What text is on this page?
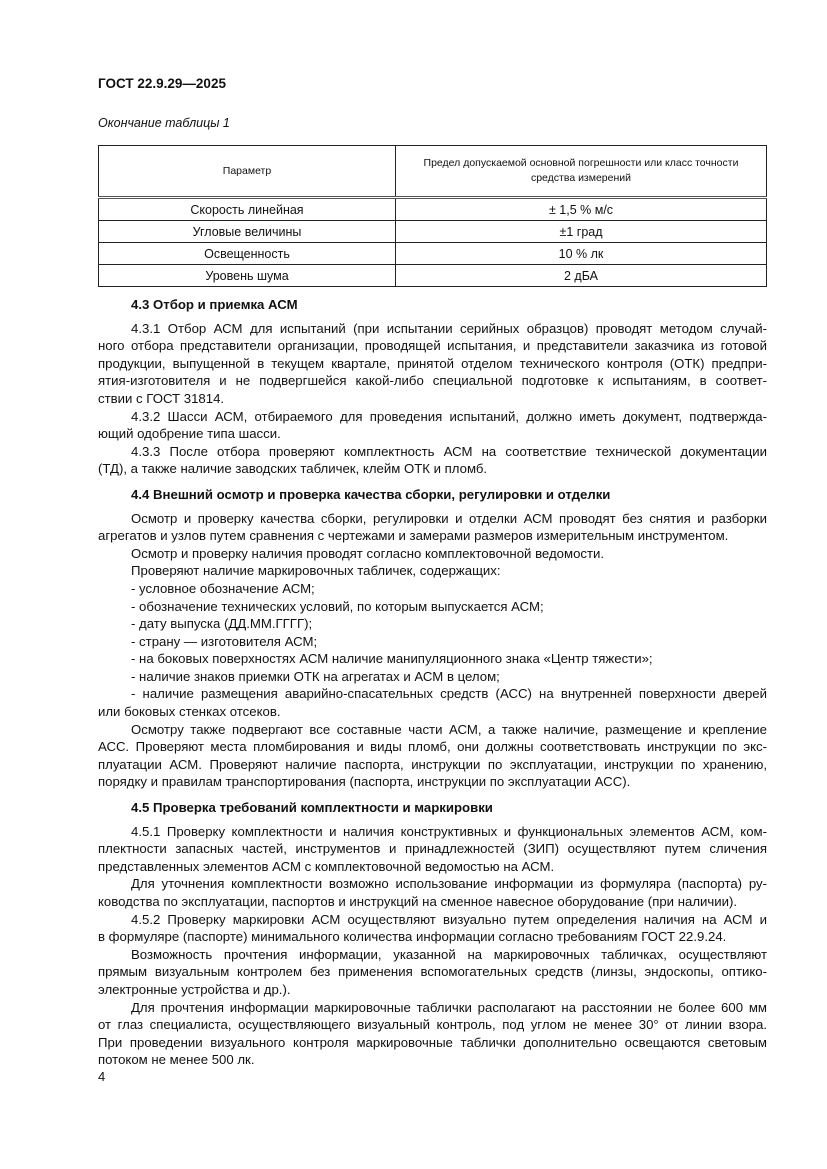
ГОСТ 22.9.29—2025
Окончание таблицы 1
Параметр	Предел допускаемой основной погрешности или класс точности средства измерений
Скорость линейная	± 1,5 % м/с
Угловые величины	±1 град
Освещенность	10 % лк
Уровень шума	2 дБА
4.3 Отбор и приемка АСМ
4.3.1 Отбор АСМ для испытаний (при испытании серийных образцов) проводят методом случай-
ного отбора представители организации, проводящей испытания, и представители заказчика из готовой
продукции, выпущенной в текущем квартале, принятой отделом технического контроля (ОТК) предпри-
ятия-изготовителя и не подвергшейся какой-либо специальной подготовке к испытаниям, в соответ-
ствии с ГОСТ 31814.
4.3.2 Шасси АСМ, отбираемого для проведения испытаний, должно иметь документ, подтвержда-
ющий одобрение типа шасси.
4.3.3 После отбора проверяют комплектность АСМ на соответствие технической документации
(ТД), а также наличие заводских табличек, клейм ОТК и пломб.
4.4 Внешний осмотр и проверка качества сборки, регулировки и отделки
Осмотр и проверку качества сборки, регулировки и отделки АСМ проводят без снятия и разборки
агрегатов и узлов путем сравнения с чертежами и замерами размеров измерительным инструментом.
Осмотр и проверку наличия проводят согласно комплектовочной ведомости.
Проверяют наличие маркировочных табличек, содержащих:
- условное обозначение АСМ;
- обозначение технических условий, по которым выпускается АСМ;
- дату выпуска (ДД.ММ.ГГГГ);
- страну — изготовителя АСМ;
- на боковых поверхностях АСМ наличие манипуляционного знака «Центр тяжести»;
- наличие знаков приемки ОТК на агрегатах и АСМ в целом;
- наличие размещения аварийно-спасательных средств (АСС) на внутренней поверхности дверей
или боковых стенках отсеков.
Осмотру также подвергают все составные части АСМ, а также наличие, размещение и крепление
АСС. Проверяют места пломбирования и виды пломб, они должны соответствовать инструкции по экс-
плуатации АСМ. Проверяют наличие паспорта, инструкции по эксплуатации, инструкции по хранению,
порядку и правилам транспортирования (паспорта, инструкции по эксплуатации АСС).
4.5 Проверка требований комплектности и маркировки
4.5.1 Проверку комплектности и наличия конструктивных и функциональных элементов АСМ, ком-
плектности запасных частей, инструментов и принадлежностей (ЗИП) осуществляют путем сличения
представленных элементов АСМ с комплектовочной ведомостью на АСМ.
Для уточнения комплектности возможно использование информации из формуляра (паспорта) ру-
ководства по эксплуатации, паспортов и инструкций на сменное навесное оборудование (при наличии).
4.5.2 Проверку маркировки АСМ осуществляют визуально путем определения наличия на АСМ и
в формуляре (паспорте) минимального количества информации согласно требованиям ГОСТ 22.9.24.
Возможность прочтения информации, указанной на маркировочных табличках, осуществляют
прямым визуальным контролем без применения вспомогательных средств (линзы, эндоскопы, оптико-
электронные устройства и др.).
Для прочтения информации маркировочные таблички располагают на расстоянии не более 600 мм
от глаз специалиста, осуществляющего визуальный контроль, под углом не менее 30° от линии взора.
При проведении визуального контроля маркировочные таблички дополнительно освещаются световым
потоком не менее 500 лк.
4
